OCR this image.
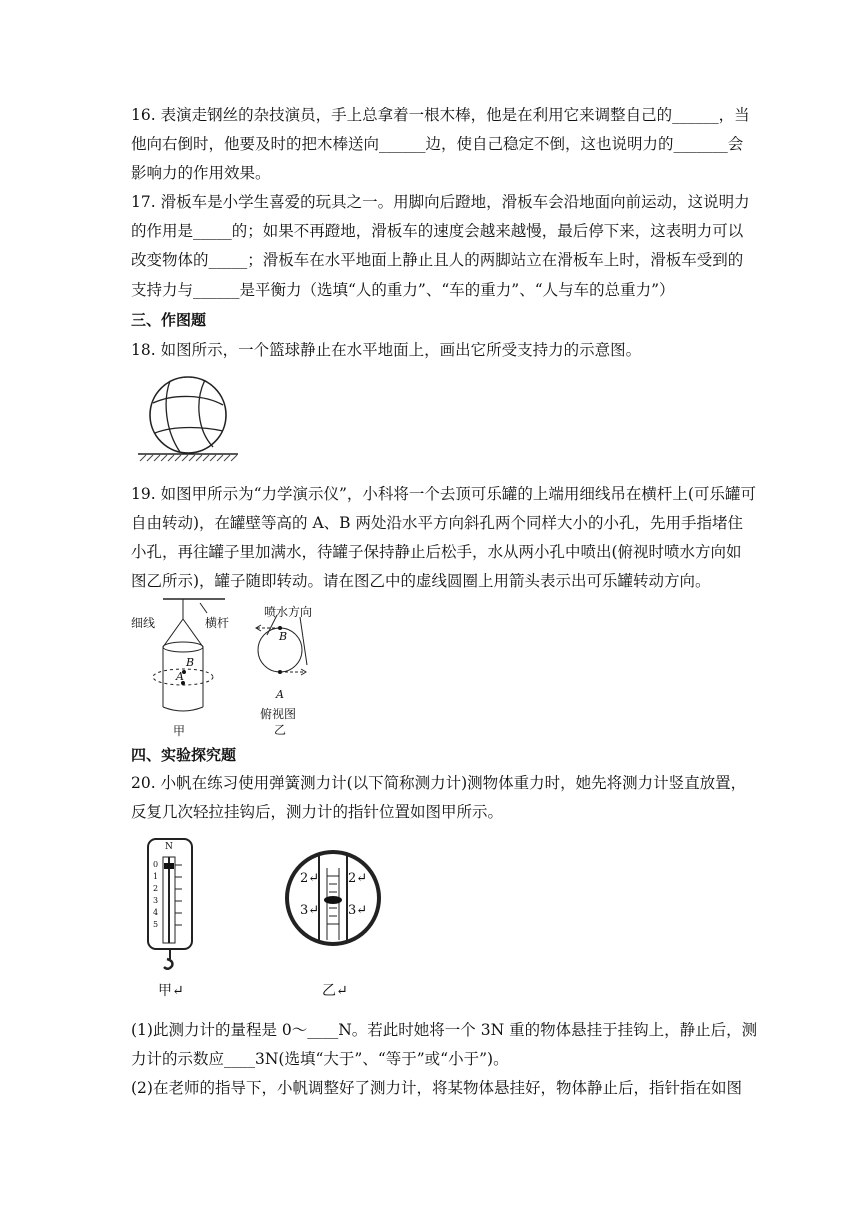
16. 表演走钢丝的杂技演员，手上总拿着一根木棒，他是在利用它来调整自己的______，当
他向右倒时，他要及时的把木棒送向______边，使自己稳定不倒，这也说明力的_______会
影响力的作用效果。
17. 滑板车是小学生喜爱的玩具之一。用脚向后蹬地，滑板车会沿地面向前运动，这说明力
的作用是_____的；如果不再蹬地，滑板车的速度会越来越慢，最后停下来，这表明力可以
改变物体的_____；滑板车在水平地面上静止且人的两脚站立在滑板车上时，滑板车受到的
支持力与______是平衡力（选填“人的重力”、“车的重力”、“人与车的总重力”）
三、作图题
18. 如图所示，一个篮球静止在水平地面上，画出它所受支持力的示意图。
19. 如图甲所示为“力学演示仪”，小科将一个去顶可乐罐的上端用细线吊在横杆上(可乐罐可
自由转动)，在罐壁等高的 A、B 两处沿水平方向斜孔两个同样大小的小孔，先用手指堵住
小孔，再往罐子里加满水，待罐子保持静止后松手，水从两小孔中喷出(俯视时喷水方向如
图乙所示)，罐子随即转动。请在图乙中的虚线圆圈上用箭头表示出可乐罐转动方向。
细线	横杆
B
A
甲
喷水方向
B
A
俯视图
乙
四、实验探究题
20. 小帆在练习使用弹簧测力计(以下简称测力计)测物体重力时，她先将测力计竖直放置，
反复几次轻拉挂钩后，测力计的指针位置如图甲所示。
0
1
2
3
4
5
N
甲↵
2↵ 2↵
3↵ 3↵
乙↵
(1)此测力计的量程是 0～____N。若此时她将一个 3N 重的物体悬挂于挂钩上，静止后，测
力计的示数应____3N(选填“大于”、“等于”或“小于”)。
(2)在老师的指导下，小帆调整好了测力计，将某物体悬挂好，物体静止后，指针指在如图
